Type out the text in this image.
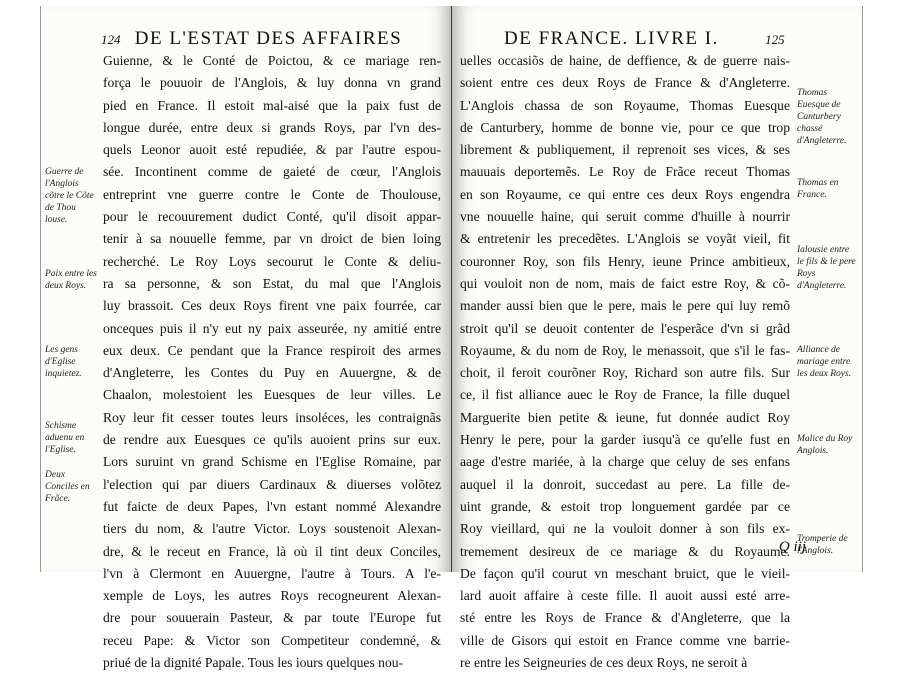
124 DE L'ESTAT DES AFFAIRES
Guienne, & le Conté de Poictou, & ce mariage ren-
força le pouuoir de l'Anglois, & luy donna vn grand
pied en France. Il estoit mal-aisé que la paix fust de
longue durée, entre deux si grands Roys, par l'vn des-
quels Leonor auoit esté repudiée, & par l'autre espou-
sée. Incontinent comme de gaieté de cœur, l'Anglois
entreprint vne guerre contre le Conte de Thoulouse,
pour le recouurement dudict Conté, qu'il disoit appar-
tenir à sa nouuelle femme, par vn droict de bien loing
recherché. Le Roy Loys secourut le Conte & deliu-
ra sa personne, & son Estat, du mal que l'Anglois
luy brassoit. Ces deux Roys firent vne paix fourrée, car
onceques puis il n'y eut ny paix asseurée, ny amitié entre
eux deux. Ce pendant que la France respiroit des armes
d'Angleterre, les Contes du Puy en Auuergne, & de
Chaalon, molestoient les Euesques de leur villes. Le
Roy leur fit cesser toutes leurs insoléces, les contraignãs
de rendre aux Euesques ce qu'ils auoient prins sur eux.
Lors suruint vn grand Schisme en l'Eglise Romaine, par
l'election qui par diuers Cardinaux & diuerses volõtez
fut faicte de deux Papes, l'vn estant nommé Alexandre
tiers du nom, & l'autre Victor. Loys soustenoit Alexan-
dre, & le receut en France, là où il tint deux Conciles,
l'vn à Clermont en Auuergne, l'autre à Tours. A l'e-
xemple de Loys, les autres Roys recogneurent Alexan-
dre pour souuerain Pasteur, & par toute l'Europe fut
receu Pape: & Victor son Competiteur condemné, &
priué de la dignité Papale. Tous les iours quelques nou-
Guerre de l'Anglois cõtre le Cõte de Thou louse.
Paix entre les deux Roys.
Les gens d'Eglise inquietez.
Schisme aduenu en l'Eglise.
Deux Conciles en Frãce.
DE FRANCE. LIVRE I.	125
uelles occasiõs de haine, de deffience, & de guerre nais-
soient entre ces deux Roys de France & d'Angleterre.
L'Anglois chassa de son Royaume, Thomas Euesque
de Canturbery, homme de bonne vie, pour ce que trop
librement & publiquement, il reprenoit ses vices, & ses
mauuais deportemẽs. Le Roy de Frãce receut Thomas
en son Royaume, ce qui entre ces deux Roys engendra
vne nouuelle haine, qui seruit comme d'huille à nourrir
& entretenir les precedẽtes. L'Anglois se voyãt vieil, fit
couronner Roy, son fils Henry, ieune Prince ambitieux,
qui vouloit non de nom, mais de faict estre Roy, & cõ-
mander aussi bien que le pere, mais le pere qui luy remõ
stroit qu'il se deuoit contenter de l'esperãce d'vn si grãd
Royaume, & du nom de Roy, le menassoit, que s'il le fas-
choit, il feroit courõner Roy, Richard son autre fils. Sur
ce, il fist alliance auec le Roy de France, la fille duquel
Marguerite bien petite & ieune, fut donnée audict Roy
Henry le pere, pour la garder iusqu'à ce qu'elle fust en
aage d'estre mariée, à la charge que celuy de ses enfans
auquel il la donroit, succedast au pere. La fille de-
uint grande, & estoit trop longuement gardée par ce
Roy vieillard, qui ne la vouloit donner à son fils ex-
tremement desireux de ce mariage & du Royaume.
De façon qu'il courut vn meschant bruict, que le vieil-
lard auoit affaire à ceste fille. Il auoit aussi esté arre-
sté entre les Roys de France & d'Angleterre, que la
ville de Gisors qui estoit en France comme vne barrie-
re entre les Seigneuries de ces deux Roys, ne seroit à
Thomas Euesque de Canturbery chassé d'Angleterre.
Thomas en France.
Ialousie entre le fils & le pere Roys d'Angleterre.
Alliance de mariage entre les deux Roys.
Malice du Roy Anglois.
Tromperie de l'Anglois.
Q iij
